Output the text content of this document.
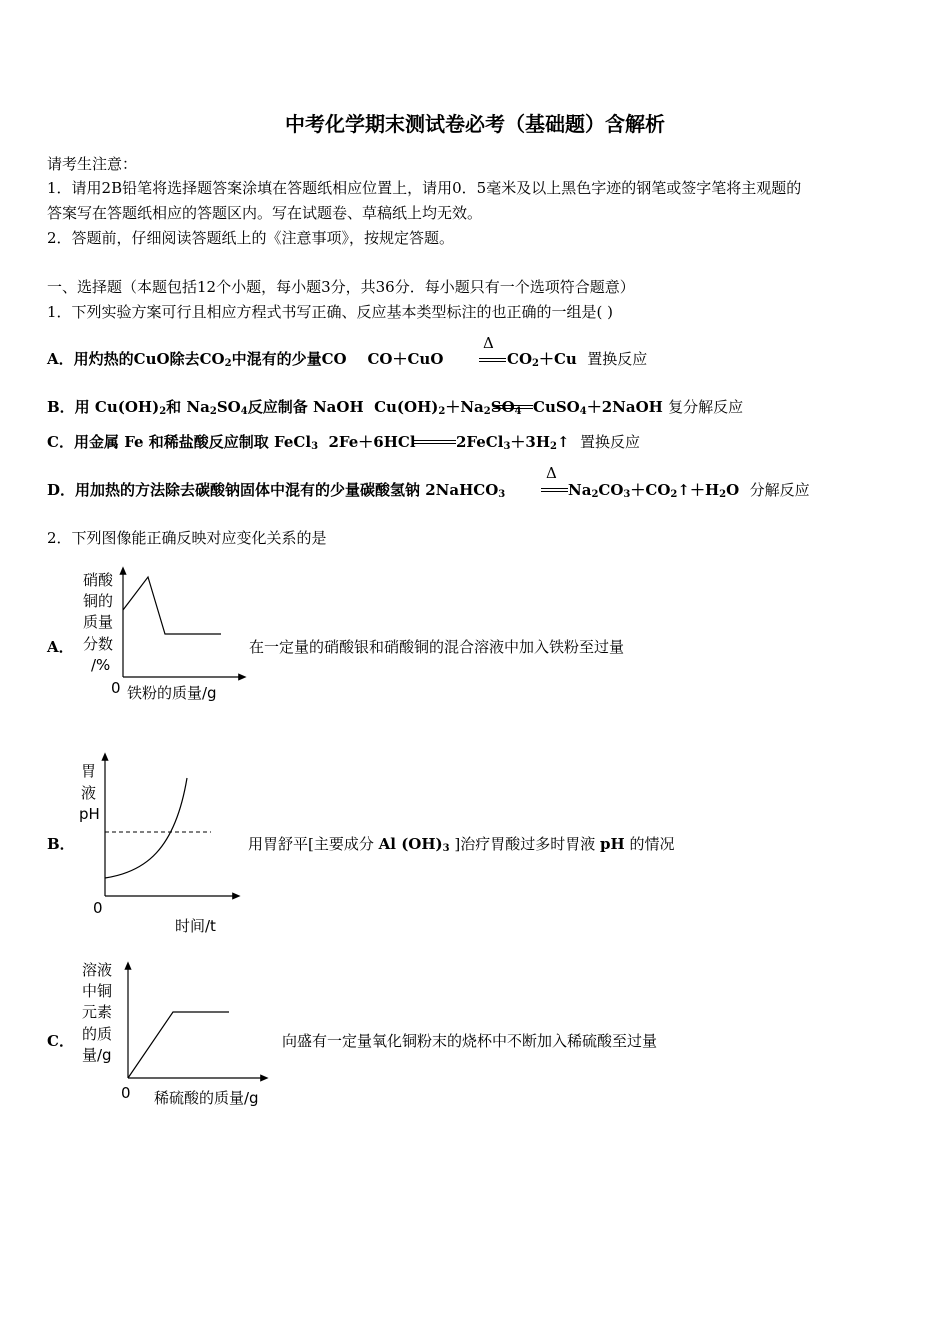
中考化学期末测试卷必考（基础题）含解析
请考生注意：
1．请用2B铅笔将选择题答案涂填在答题纸相应位置上，请用0．5毫米及以上黑色字迹的钢笔或签字笔将主观题的
答案写在答题纸相应的答题区内。写在试题卷、草稿纸上均无效。
2．答题前，仔细阅读答题纸上的《注意事项》，按规定答题。
一、选择题（本题包括12个小题，每小题3分，共36分．每小题只有一个选项符合题意）
1．下列实验方案可行且相应方程式书写正确、反应基本类型标注的也正确的一组是( )
A．用灼热的CuO除去$CO_2$中混有的少量CO CO＋CuO
Δ
$CO_2+Cu$ 置换反应
B．用 $Cu(OH)_2$和 $Na_2SO_4$反应制备 NaOH $Cu(OH)_2+Na_2SO_4$ CuSO$_4$＋2NaOH 复分解反应
C．用金属 Fe 和稀盐酸反应制取 FeCl$_3$ 2Fe＋6HCl	$2FeCl_3+3H_2↑$ 置换反应
D．用加热的方法除去碳酸钠固体中混有的少量碳酸氢钠 2NaHCO$_3$
Δ
$Na_2CO_3+CO_2↑+H_2O$ 分解反应
2．下列图像能正确反映对应变化关系的是
A．
硝酸
铜的
质量
分数
/%
0 铁粉的质量/g
在一定量的硝酸银和硝酸铜的混合溶液中加入铁粉至过量
B．
胃
液
pH
0
时间/t
用胃舒平[主要成分 Al $(OH)_3$ ]治疗胃酸过多时胃液 pH 的情况
C．
溶液
中铜
元素
的质
量/g
0 稀硫酸的质量/g
向盛有一定量氧化铜粉末的烧杯中不断加入稀硫酸至过量
